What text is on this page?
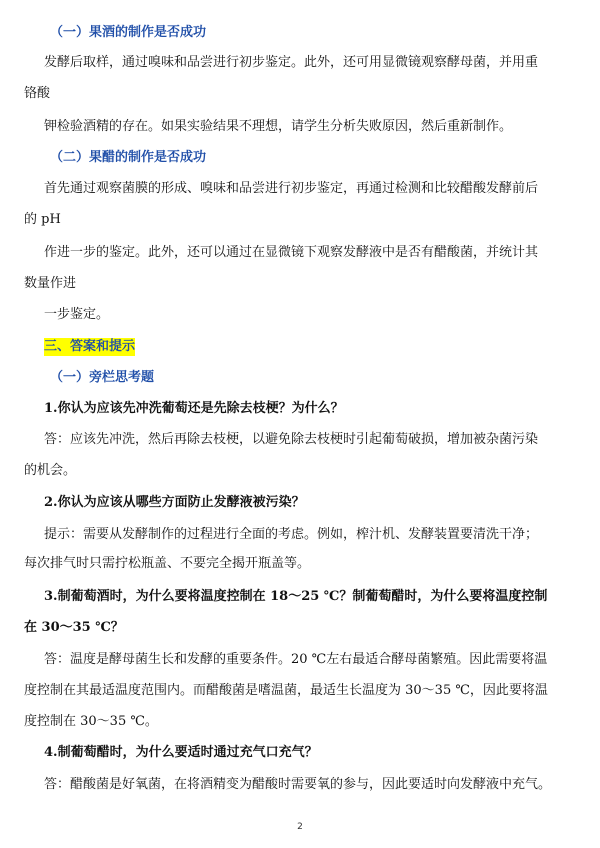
（一）果酒的制作是否成功
发酵后取样，通过嗅味和品尝进行初步鉴定。此外，还可用显微镜观察酵母菌，并用重
铬酸
钾检验酒精的存在。如果实验结果不理想，请学生分析失败原因，然后重新制作。
（二）果醋的制作是否成功
首先通过观察菌膜的形成、嗅味和品尝进行初步鉴定，再通过检测和比较醋酸发酵前后
的 pH
作进一步的鉴定。此外，还可以通过在显微镜下观察发酵液中是否有醋酸菌，并统计其
数量作进
一步鉴定。
三、答案和提示
（一）旁栏思考题
1.你认为应该先冲洗葡萄还是先除去枝梗？为什么？
答：应该先冲洗，然后再除去枝梗，以避免除去枝梗时引起葡萄破损，增加被杂菌污染
的机会。
2.你认为应该从哪些方面防止发酵液被污染？
提示：需要从发酵制作的过程进行全面的考虑。例如，榨汁机、发酵装置要清洗干净；
每次排气时只需拧松瓶盖、不要完全揭开瓶盖等。
3.制葡萄酒时，为什么要将温度控制在 18～25 ℃？制葡萄醋时，为什么要将温度控制
在 30～35 ℃？
答：温度是酵母菌生长和发酵的重要条件。20 ℃左右最适合酵母菌繁殖。因此需要将温
度控制在其最适温度范围内。而醋酸菌是嗜温菌，最适生长温度为 30～35 ℃，因此要将温
度控制在 30～35 ℃。
4.制葡萄醋时，为什么要适时通过充气口充气？
答：醋酸菌是好氧菌，在将酒精变为醋酸时需要氧的参与，因此要适时向发酵液中充气。
2
